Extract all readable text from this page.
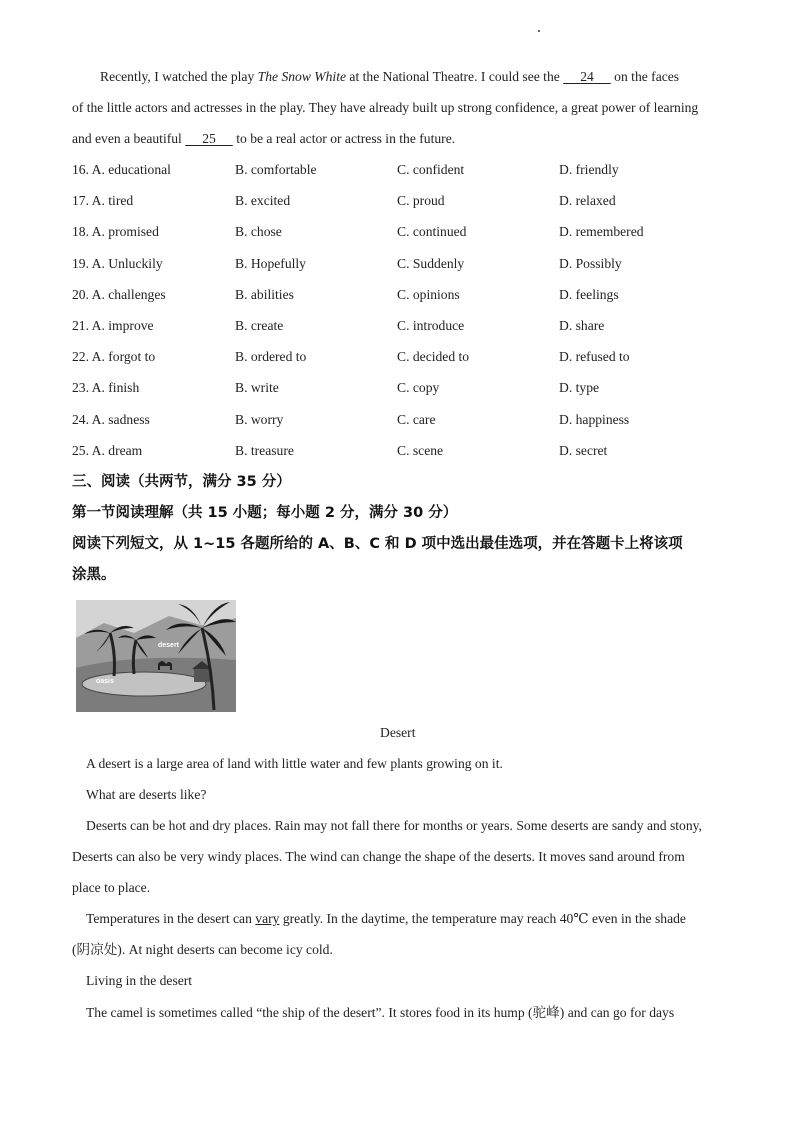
Recently, I watched the play The Snow White at the National Theatre. I could see the      24      on the faces
of the little actors and actresses in the play. They have already built up strong confidence, a great power of learning
and even a beautiful      25      to be a real actor or actress in the future.
16. A. educational	B. comfortable	C. confident	D. friendly
17. A. tired	B. excited	C. proud	D. relaxed
18. A. promised	B. chose	C. continued	D. remembered
19. A. Unluckily	B. Hopefully	C. Suddenly	D. Possibly
20. A. challenges	B. abilities	C. opinions	D. feelings
21. A. improve	B. create	C. introduce	D. share
22. A. forgot to	B. ordered to	C. decided to	D. refused to
23. A. finish	B. write	C. copy	D. type
24. A. sadness	B. worry	C. care	D. happiness
25. A. dream	B. treasure	C. scene	D. secret
三、阅读（共两节，满分 35 分）
第一节阅读理解（共 15 小题；每小题 2 分，满分 30 分）
阅读下列短文，从 1~15 各题所给的 A、B、C 和 D 项中选出最佳选项，并在答题卡上将该项
涂黑。
desert
oasis
Desert
A desert is a large area of land with little water and few plants growing on it.
What are deserts like?
Deserts can be hot and dry places. Rain may not fall there for months or years. Some deserts are sandy and stony,
Deserts can also be very windy places. The wind can change the shape of the deserts. It moves sand around from
place to place.
Temperatures in the desert can vary greatly. In the daytime, the temperature may reach 40℃ even in the shade
(阴凉处). At night deserts can become icy cold.
Living in the desert
The camel is sometimes called “the ship of the desert”. It stores food in its hump (驼峰) and can go for days
